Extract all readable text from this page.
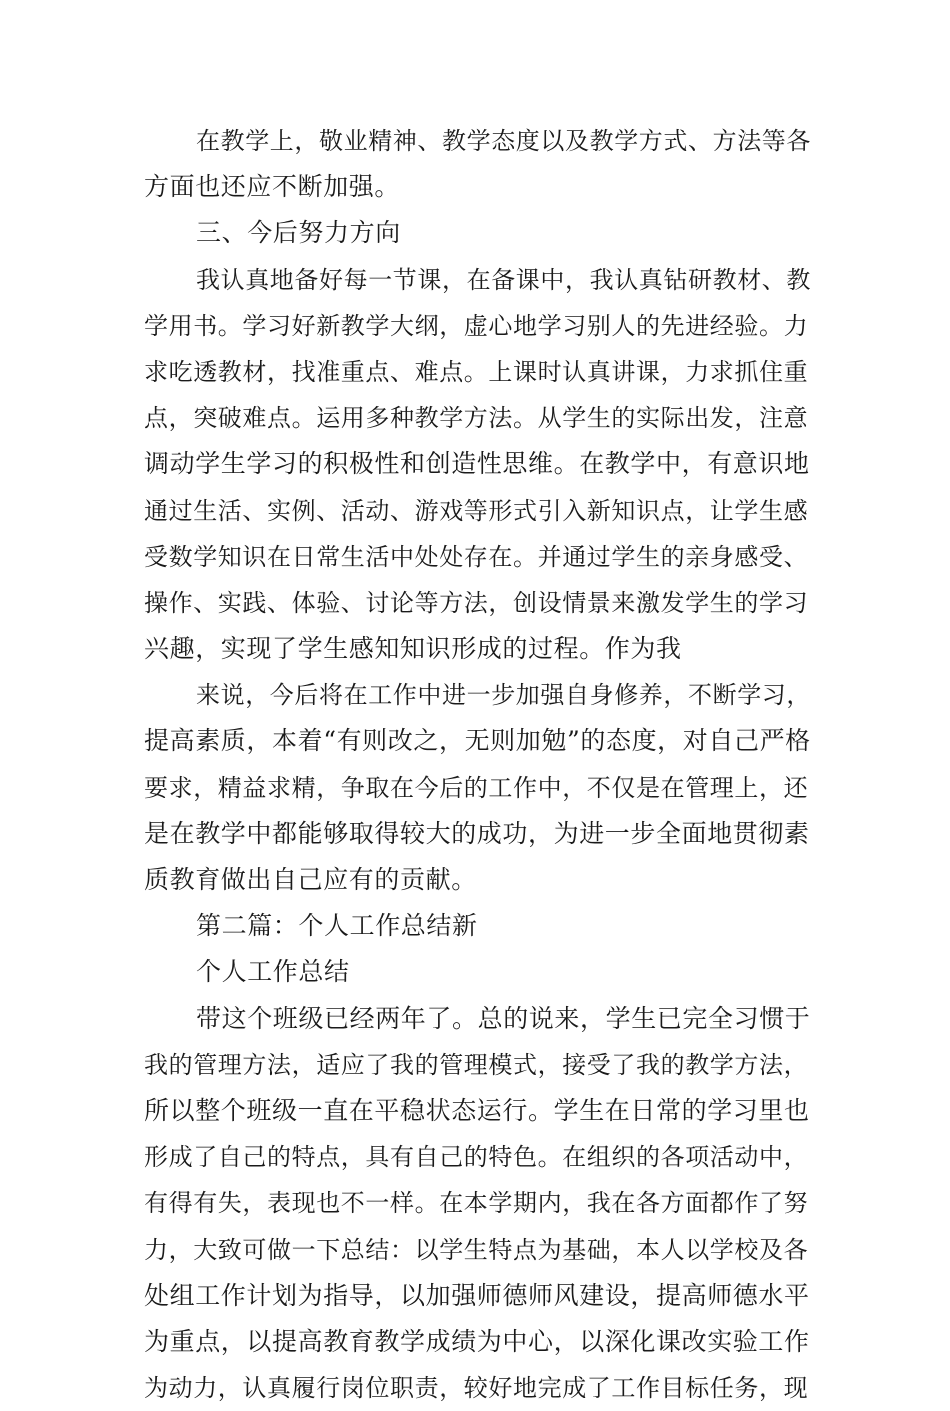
在教学上，敬业精神、教学态度以及教学方式、方法等各
方面也还应不断加强。
三、今后努力方向
我认真地备好每一节课，在备课中，我认真钻研教材、教
学用书。学习好新教学大纲，虚心地学习别人的先进经验。力
求吃透教材，找准重点、难点。上课时认真讲课，力求抓住重
点，突破难点。运用多种教学方法。从学生的实际出发，注意
调动学生学习的积极性和创造性思维。在教学中，有意识地
通过生活、实例、活动、游戏等形式引入新知识点，让学生感
受数学知识在日常生活中处处存在。并通过学生的亲身感受、
操作、实践、体验、讨论等方法，创设情景来激发学生的学习
兴趣，实现了学生感知知识形成的过程。作为我
来说，今后将在工作中进一步加强自身修养，不断学习，
提高素质，本着“有则改之，无则加勉”的态度，对自己严格
要求，精益求精，争取在今后的工作中，不仅是在管理上，还
是在教学中都能够取得较大的成功，为进一步全面地贯彻素
质教育做出自己应有的贡献。
第二篇：个人工作总结新
个人工作总结
带这个班级已经两年了。总的说来，学生已完全习惯于
我的管理方法，适应了我的管理模式，接受了我的教学方法，
所以整个班级一直在平稳状态运行。学生在日常的学习里也
形成了自己的特点，具有自己的特色。在组织的各项活动中，
有得有失，表现也不一样。在本学期内，我在各方面都作了努
力，大致可做一下总结：以学生特点为基础，本人以学校及各
处组工作计划为指导，以加强师德师风建设，提高师德水平
为重点，以提高教育教学成绩为中心，以深化课改实验工作
为动力，认真履行岗位职责，较好地完成了工作目标任务，现
